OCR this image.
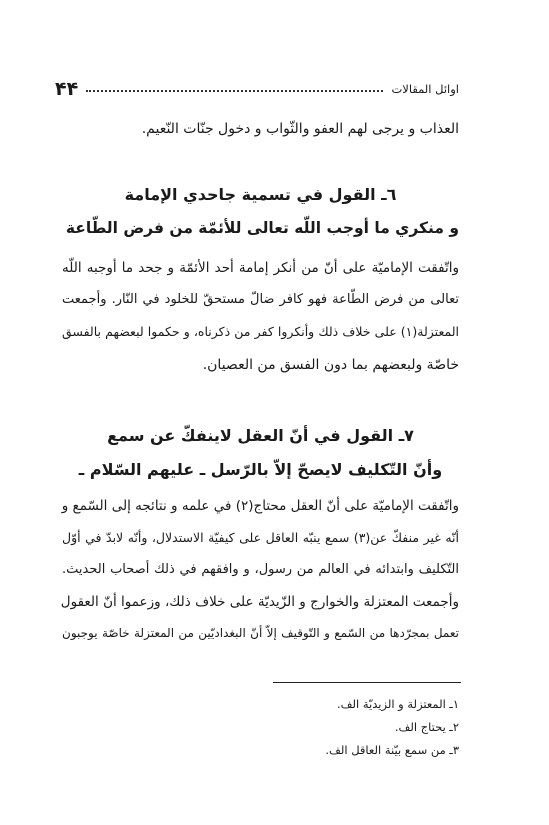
اوائل المقالات
۴۴
العذاب و يرجى لهم العفو والثّواب و دخول جنّات النّعيم.
٦ـ القول في تسمية جاحدي الإمامة
و منكري ما أوجب اللّه تعالى للأئمّة من فرض الطّاعة
واتّفقت الإماميّة على أنّ من أنكر إمامة أحد الأئمّة و جحد ما أوجبه اللّه
تعالى من فرض الطّاعة فهو كافر ضالّ مستحقّ للخلود في النّار. وأجمعت
المعتزلة(١) على خلاف ذلك وأنكروا كفر من ذكرناه، و حكموا لبعضهم بالفسق
خاصّة ولبعضهم بما دون الفسق من العصيان.
٧ـ القول في أنّ العقل لاينفكّ عن سمع
وأنّ التّكليف لايصحّ إلاّ بالرّسل ـ عليهم السّلام ـ
واتّفقت الإماميّة على أنّ العقل محتاج(٢) في علمه و نتائجه إلى السّمع و
أنّه غير منفكّ عن(٣) سمع ينبّه العاقل على كيفيّة الاستدلال، وأنّه لابدّ في أوّل
التّكليف وابتدائه في العالم من رسول، و وافقهم في ذلك أصحاب الحديث.
وأجمعت المعتزلة والخوارج و الزّيديّة على خلاف ذلك، وزعموا أنّ العقول
تعمل بمجرّدها من السّمع و التّوقيف إلاّ أنّ البغداديّين من المعتزلة خاصّة يوجبون
١ـ المعتزلة و الزيديّة الف.
٢ـ يحتاج الف.
٣ـ من سمع بيّنة العاقل الف.
